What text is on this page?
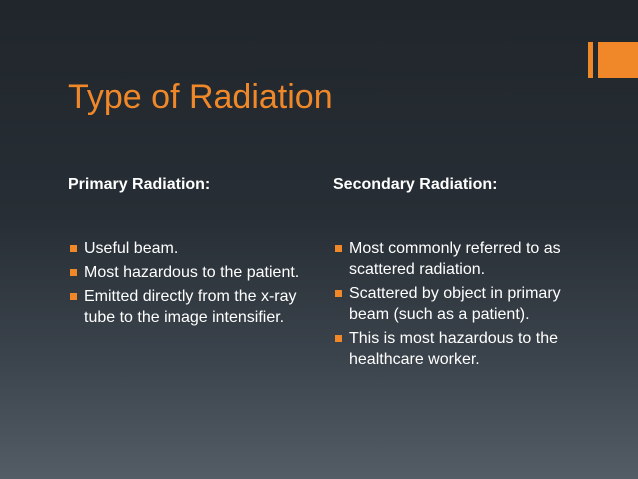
Type of Radiation
Primary Radiation:
Useful beam.
Most hazardous to the patient.
Emitted directly from the x-ray tube to the image intensifier.
Secondary Radiation:
Most commonly referred to as scattered radiation.
Scattered by object in primary beam (such as a patient).
This is most hazardous to the healthcare worker.
